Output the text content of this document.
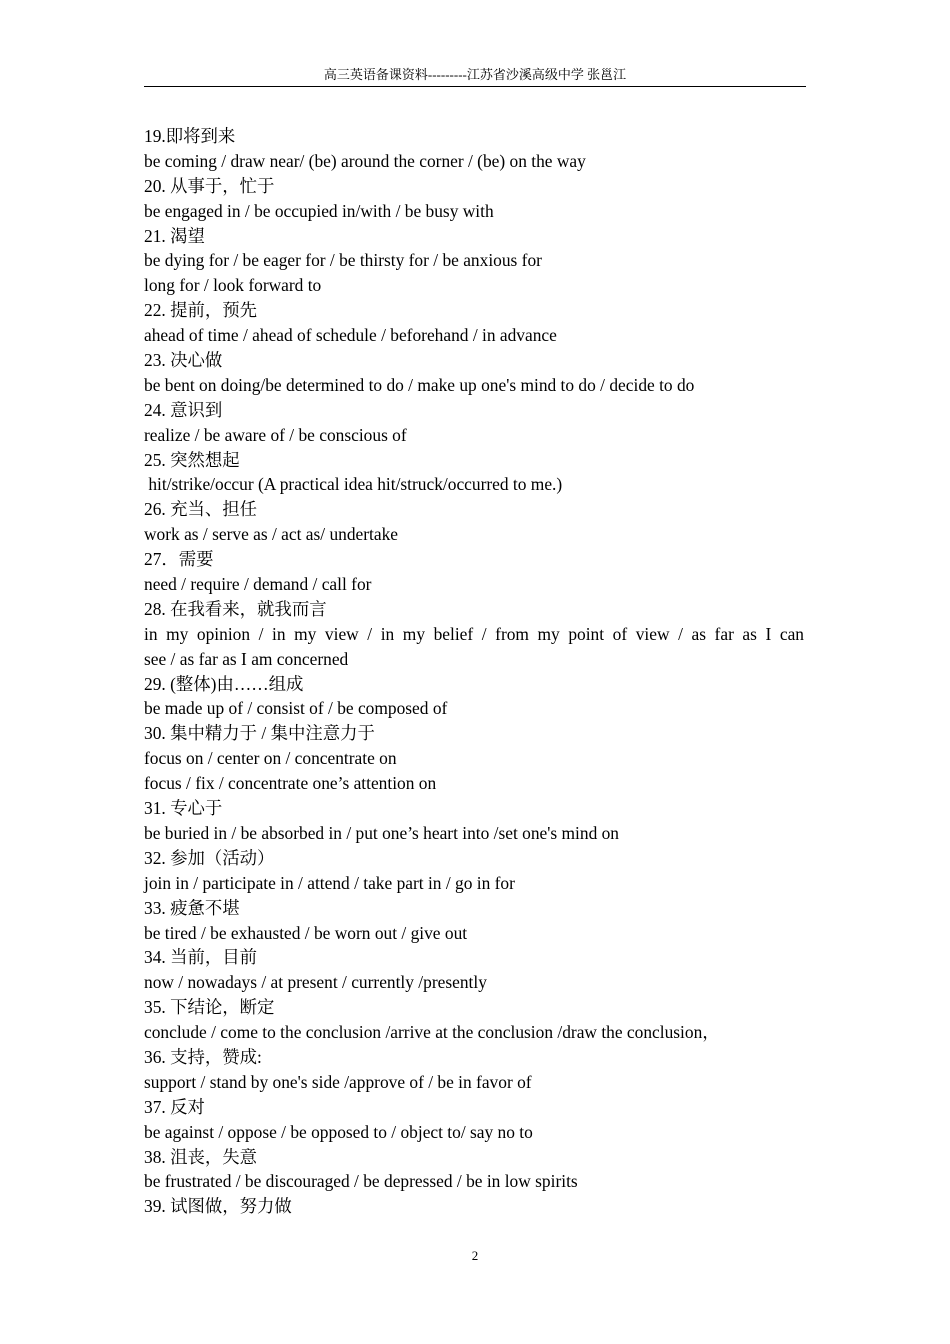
高三英语备课资料---------江苏省沙溪高级中学 张邕江
19.即将到来
be coming / draw near/ (be) around the corner / (be) on the way
20. 从事于，忙于
be engaged in / be occupied in/with / be busy with
21. 渴望
be dying for / be eager for / be thirsty for / be anxious for
long for / look forward to
22. 提前，预先
ahead of time / ahead of schedule / beforehand / in advance
23. 决心做
be bent on doing/be determined to do / make up one's mind to do / decide to do
24. 意识到
realize / be aware of / be conscious of
25. 突然想起
hit/strike/occur (A practical idea hit/struck/occurred to me.)
26. 充当、担任
work as / serve as / act as/ undertake
27．需要
need / require / demand / call for
28. 在我看来，就我而言
in my opinion / in my view / in my belief / from my point of view / as far as I can
see / as far as I am concerned
29. (整体)由……组成
be made up of / consist of / be composed of
30. 集中精力于 / 集中注意力于
focus on / center on / concentrate on
focus / fix / concentrate one’s attention on
31. 专心于
be buried in / be absorbed in / put one’s heart into /set one's mind on
32. 参加（活动）
join in / participate in / attend / take part in / go in for
33. 疲惫不堪
be tired / be exhausted / be worn out / give out
34. 当前，目前
now / nowadays / at present / currently /presently
35. 下结论，断定
conclude / come to the conclusion /arrive at the conclusion /draw the conclusion，
36. 支持，赞成:
support / stand by one's side /approve of / be in favor of
37. 反对
be against / oppose / be opposed to / object to/ say no to
38. 沮丧，失意
be frustrated / be discouraged / be depressed / be in low spirits
39. 试图做，努力做
2
